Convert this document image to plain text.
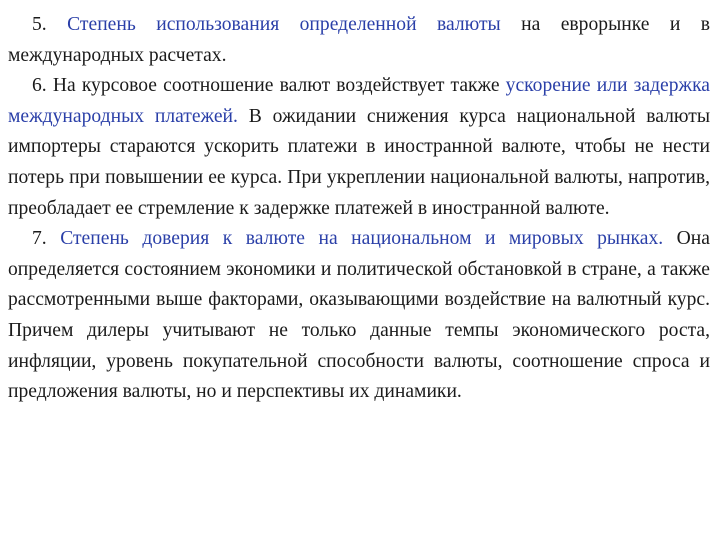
5. Степень использования определенной валюты на еврорынке и в международных расчетах.

6. На курсовое соотношение валют воздействует также ускорение или задержка международных платежей. В ожидании снижения курса национальной валюты импортеры стараются ускорить платежи в иностранной валюте, чтобы не нести потерь при повышении ее курса. При укреплении национальной валюты, напротив, преобладает ее стремление к задержке платежей в иностранной валюте.

7. Степень доверия к валюте на национальном и мировых рынках. Она определяется состоянием экономики и политической обстановкой в стране, а также рассмотренными выше факторами, оказывающими воздействие на валютный курс. Причем дилеры учитывают не только данные темпы экономического роста, инфляции, уровень покупательной способности валюты, соотношение спроса и предложения валюты, но и перспективы их динамики.
